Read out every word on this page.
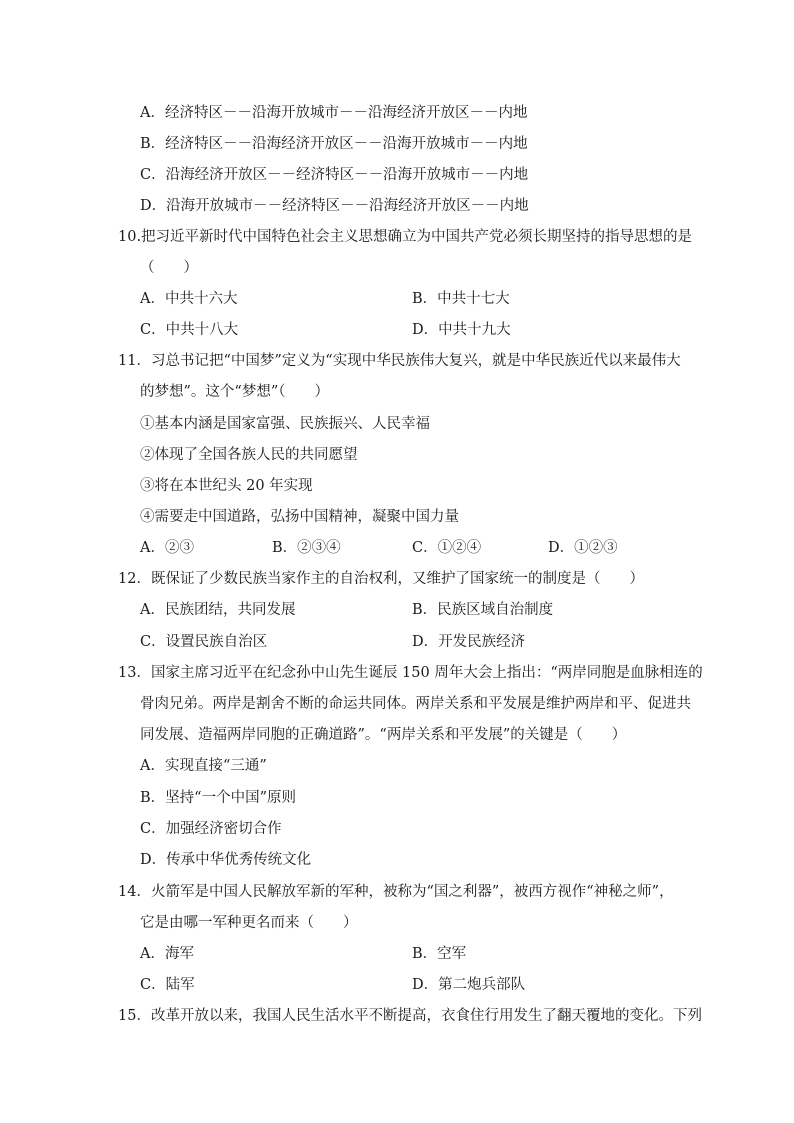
A．经济特区－－沿海开放城市－－沿海经济开放区－－内地
B．经济特区－－沿海经济开放区－－沿海开放城市－－内地
C．沿海经济开放区－－经济特区－－沿海开放城市－－内地
D．沿海开放城市－－经济特区－－沿海经济开放区－－内地
10.把习近平新时代中国特色社会主义思想确立为中国共产党必须长期坚持的指导思想的是
（　　）
A．中共十六大	B．中共十七大
C．中共十八大	D．中共十九大
11．习总书记把“中国梦”定义为“实现中华民族伟大复兴，就是中华民族近代以来最伟大
的梦想”。这个“梦想”（　　）
①基本内涵是国家富强、民族振兴、人民幸福
②体现了全国各族人民的共同愿望
③将在本世纪头 20 年实现
④需要走中国道路，弘扬中国精神，凝聚中国力量
A．②③	B．②③④	C．①②④	D．①②③
12．既保证了少数民族当家作主的自治权利，又维护了国家统一的制度是（　　）
A．民族团结，共同发展	B．民族区域自治制度
C．设置民族自治区	D．开发民族经济
13．国家主席习近平在纪念孙中山先生诞辰 150 周年大会上指出：“两岸同胞是血脉相连的
骨肉兄弟。两岸是割舍不断的命运共同体。两岸关系和平发展是维护两岸和平、促进共
同发展、造福两岸同胞的正确道路”。“两岸关系和平发展”的关键是（　　）
A．实现直接“三通”
B．坚持“一个中国”原则
C．加强经济密切合作
D．传承中华优秀传统文化
14．火箭军是中国人民解放军新的军种，被称为“国之利器”，被西方视作“神秘之师”，
它是由哪一军种更名而来（　　）
A．海军	B．空军
C．陆军	D．第二炮兵部队
15．改革开放以来，我国人民生活水平不断提高，衣食住行用发生了翻天覆地的变化。下列
